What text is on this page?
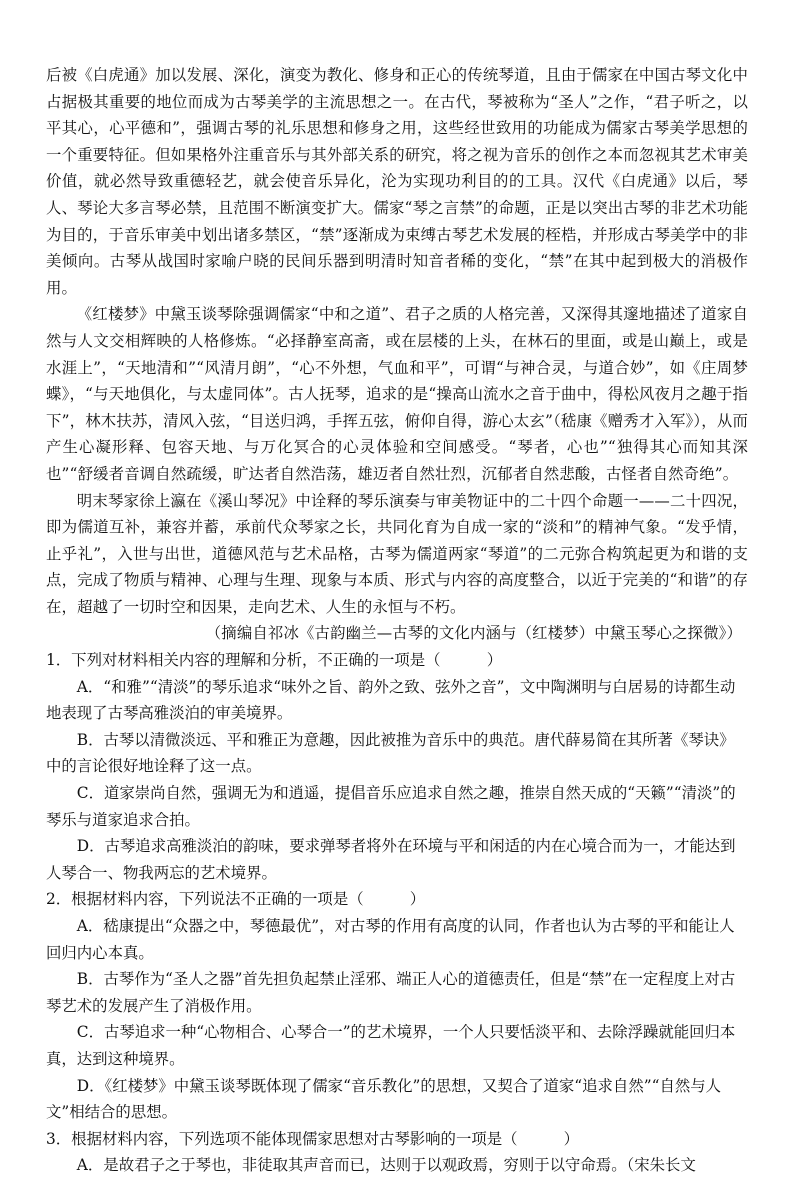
后被《白虎通》加以发展、深化，演变为教化、修身和正心的传统琴道，且由于儒家在中国古琴文化中占据极其重要的地位而成为古琴美学的主流思想之一。在古代，琴被称为“圣人”之作，“君子听之，以平其心，心平德和”，强调古琴的礼乐思想和修身之用，这些经世致用的功能成为儒家古琴美学思想的一个重要特征。但如果格外注重音乐与其外部关系的研究，将之视为音乐的创作之本而忽视其艺术审美价值，就必然导致重德轻艺，就会使音乐异化，沦为实现功利目的的工具。汉代《白虎通》以后，琴人、琴论大多言琴必禁，且范围不断演变扩大。儒家“琴之言禁”的命题，正是以突出古琴的非艺术功能为目的，于音乐审美中划出诸多禁区，“禁”逐渐成为束缚古琴艺术发展的桎梏，并形成古琴美学中的非美倾向。古琴从战国时家喻户晓的民间乐器到明清时知音者稀的变化，“禁”在其中起到极大的消极作用。

《红楼梦》中黛玉谈琴除强调儒家“中和之道”、君子之质的人格完善，又深得其邃地描述了道家自然与人文交相辉映的人格修炼。“必择静室高斋，或在层楼的上头，在林石的里面，或是山巅上，或是水涯上”，“天地清和”“风清月朗”，“心不外想，气血和平”，可谓“与神合灵，与道合妙”，如《庄周梦蝶》，“与天地俱化，与太虚同体”。古人抚琴，追求的是“操高山流水之音于曲中，得松风夜月之趣于指下”，林木扶苏，清风入弦，“目送归鸿，手挥五弦，俯仰自得，游心太玄”（嵇康《赠秀才入军》），从而产生心凝形释、包容天地、与万化冥合的心灵体验和空间感受。“琴者，心也”“独得其心而知其深也”“舒缓者音调自然疏缓，旷达者自然浩荡，雄迈者自然壮烈，沉郁者自然悲酸，古怪者自然奇绝”。

明末琴家徐上瀛在《溪山琴况》中诠释的琴乐演奏与审美物证中的二十四个命题一——二十四况，即为儒道互补，兼容并蓄，承前代众琴家之长，共同化育为自成一家的“淡和”的精神气象。“发乎情，止乎礼”，入世与出世，道德风范与艺术品格，古琴为儒道两家“琴道”的二元弥合构筑起更为和谐的支点，完成了物质与精神、心理与生理、现象与本质、形式与内容的高度整合，以近于完美的“和谐”的存在，超越了一切时空和因果，走向艺术、人生的永恒与不朽。

（摘编自祁冰《古韵幽兰—古琴的文化内涵与（红楼梦）中黛玉琴心之探微》）

1．下列对材料相关内容的理解和分析，不正确的一项是（　　　）

A．“和雅”“清淡”的琴乐追求“味外之旨、韵外之致、弦外之音”，文中陶渊明与白居易的诗都生动地表现了古琴高雅淡泊的审美境界。

B．古琴以清微淡远、平和雅正为意趣，因此被推为音乐中的典范。唐代薛易简在其所著《琴诀》中的言论很好地诠释了这一点。

C．道家崇尚自然，强调无为和逍遥，提倡音乐应追求自然之趣，推崇自然天成的“天籁”“清淡”的琴乐与道家追求合拍。

D．古琴追求高雅淡泊的韵味，要求弹琴者将外在环境与平和闲适的内在心境合而为一，才能达到人琴合一、物我两忘的艺术境界。

2．根据材料内容，下列说法不正确的一项是（　　　）

A．嵇康提出“众器之中，琴德最优”，对古琴的作用有高度的认同，作者也认为古琴的平和能让人回归内心本真。

B．古琴作为“圣人之器”首先担负起禁止淫邪、端正人心的道德责任，但是“禁”在一定程度上对古琴艺术的发展产生了消极作用。

C．古琴追求一种“心物相合、心琴合一”的艺术境界，一个人只要恬淡平和、去除浮躁就能回归本真，达到这种境界。

D．《红楼梦》中黛玉谈琴既体现了儒家“音乐教化”的思想，又契合了道家“追求自然”“自然与人文”相结合的思想。

3．根据材料内容，下列选项不能体现儒家思想对古琴影响的一项是（　　　）

A．是故君子之于琴也，非徒取其声音而已，达则于以观政焉，穷则于以守命焉。（宋朱长文
